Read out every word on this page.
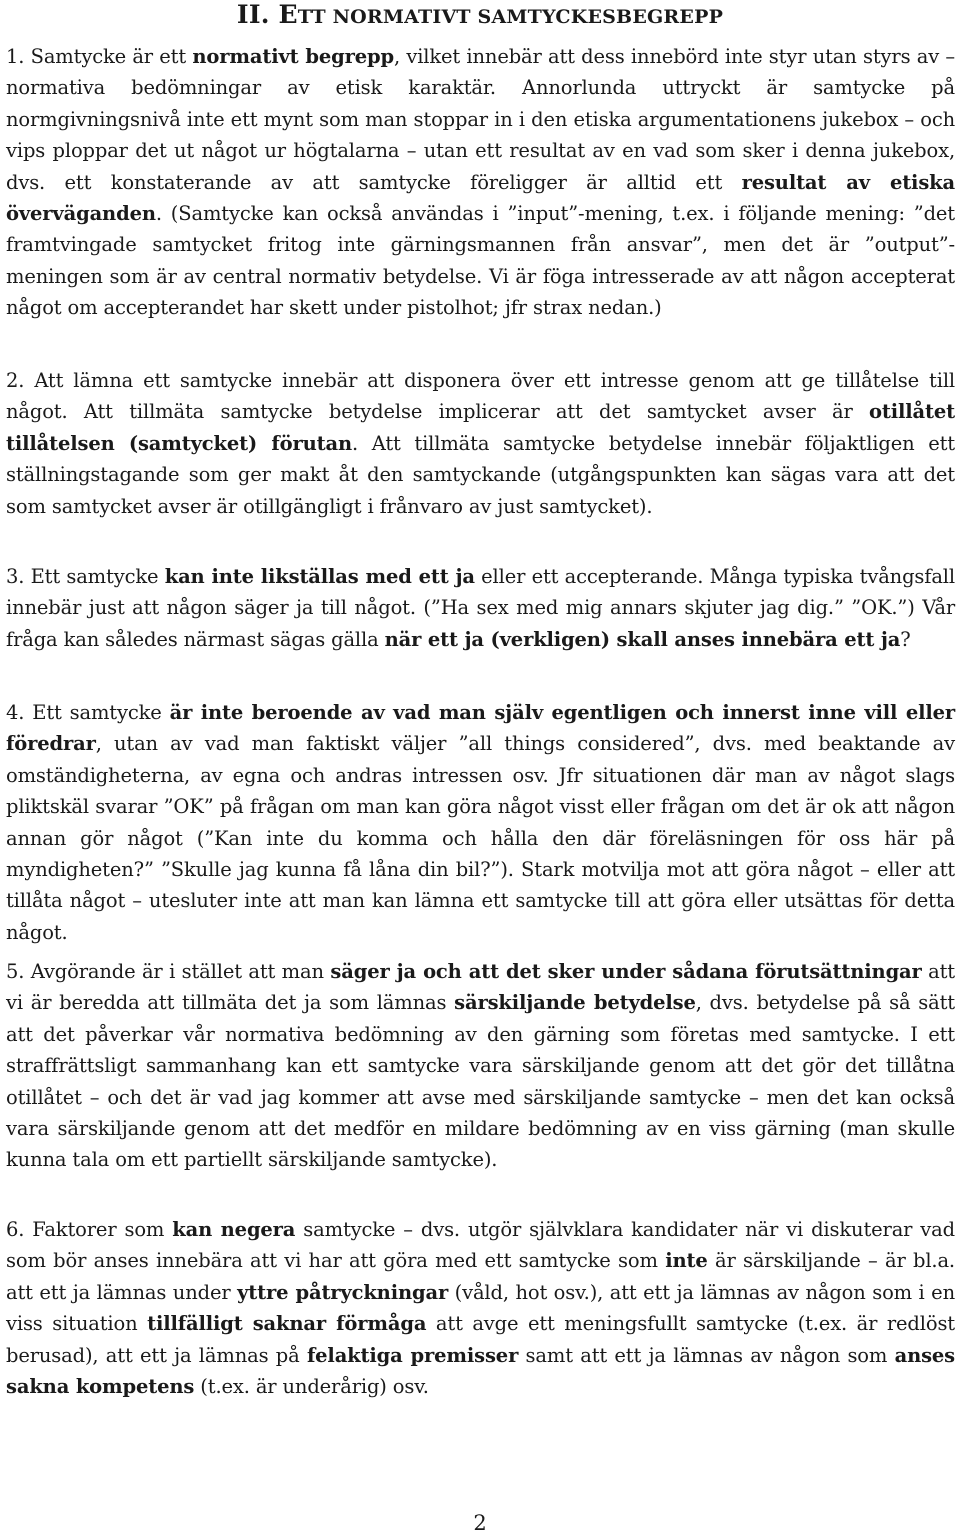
II. ETT NORMATIVT SAMTYCKESBEGREPP

1. Samtycke är ett normativt begrepp, vilket innebär att dess innebörd inte styr utan styrs av – normativa bedömningar av etisk karaktär. Annorlunda uttryckt är samtycke på normgivningsnivå inte ett mynt som man stoppar in i den etiska argumentationens jukebox – och vips ploppar det ut något ur högtalarna – utan ett resultat av en vad som sker i denna jukebox, dvs. ett konstaterande av att samtycke föreligger är alltid ett resultat av etiska överväganden. (Samtycke kan också användas i ”input”-mening, t.ex. i följande mening: ”det framtvingade samtycket fritog inte gärningsmannen från ansvar”, men det är ”output”-meningen som är av central normativ betydelse. Vi är föga intresserade av att någon accepterat något om accepterandet har skett under pistolhot; jfr strax nedan.)

2. Att lämna ett samtycke innebär att disponera över ett intresse genom att ge tillåtelse till något. Att tillmäta samtycke betydelse implicerar att det samtycket avser är otillåtet tillåtelsen (samtycket) förutan. Att tillmäta samtycke betydelse innebär följaktligen ett ställningstagande som ger makt åt den samtyckande (utgångspunkten kan sägas vara att det som samtycket avser är otillgängligt i frånvaro av just samtycket).

3. Ett samtycke kan inte likställas med ett ja eller ett accepterande. Många typiska tvångsfall innebär just att någon säger ja till något. (”Ha sex med mig annars skjuter jag dig.” ”OK.”) Vår fråga kan således närmast sägas gälla när ett ja (verkligen) skall anses innebära ett ja?

4. Ett samtycke är inte beroende av vad man själv egentligen och innerst inne vill eller föredrar, utan av vad man faktiskt väljer ”all things considered”, dvs. med beaktande av omständigheterna, av egna och andras intressen osv. Jfr situationen där man av något slags pliktskäl svarar ”OK” på frågan om man kan göra något visst eller frågan om det är ok att någon annan gör något (”Kan inte du komma och hålla den där föreläsningen för oss här på myndigheten?” ”Skulle jag kunna få låna din bil?”). Stark motvilja mot att göra något – eller att tillåta något – utesluter inte att man kan lämna ett samtycke till att göra eller utsättas för detta något.

5. Avgörande är i stället att man säger ja och att det sker under sådana förutsättningar att vi är beredda att tillmäta det ja som lämnas särskiljande betydelse, dvs. betydelse på så sätt att det påverkar vår normativa bedömning av den gärning som företas med samtycke. I ett straffrättsligt sammanhang kan ett samtycke vara särskiljande genom att det gör det tillåtna otillåtet – och det är vad jag kommer att avse med särskiljande samtycke – men det kan också vara särskiljande genom att det medför en mildare bedömning av en viss gärning (man skulle kunna tala om ett partiellt särskiljande samtycke).

6. Faktorer som kan negera samtycke – dvs. utgör självklara kandidater när vi diskuterar vad som bör anses innebära att vi har att göra med ett samtycke som inte är särskiljande – är bl.a. att ett ja lämnas under yttre påtryckningar (våld, hot osv.), att ett ja lämnas av någon som i en viss situation tillfälligt saknar förmåga att avge ett meningsfullt samtycke (t.ex. är redlöst berusad), att ett ja lämnas på felaktiga premisser samt att ett ja lämnas av någon som anses sakna kompetens (t.ex. är underårig) osv.

2
